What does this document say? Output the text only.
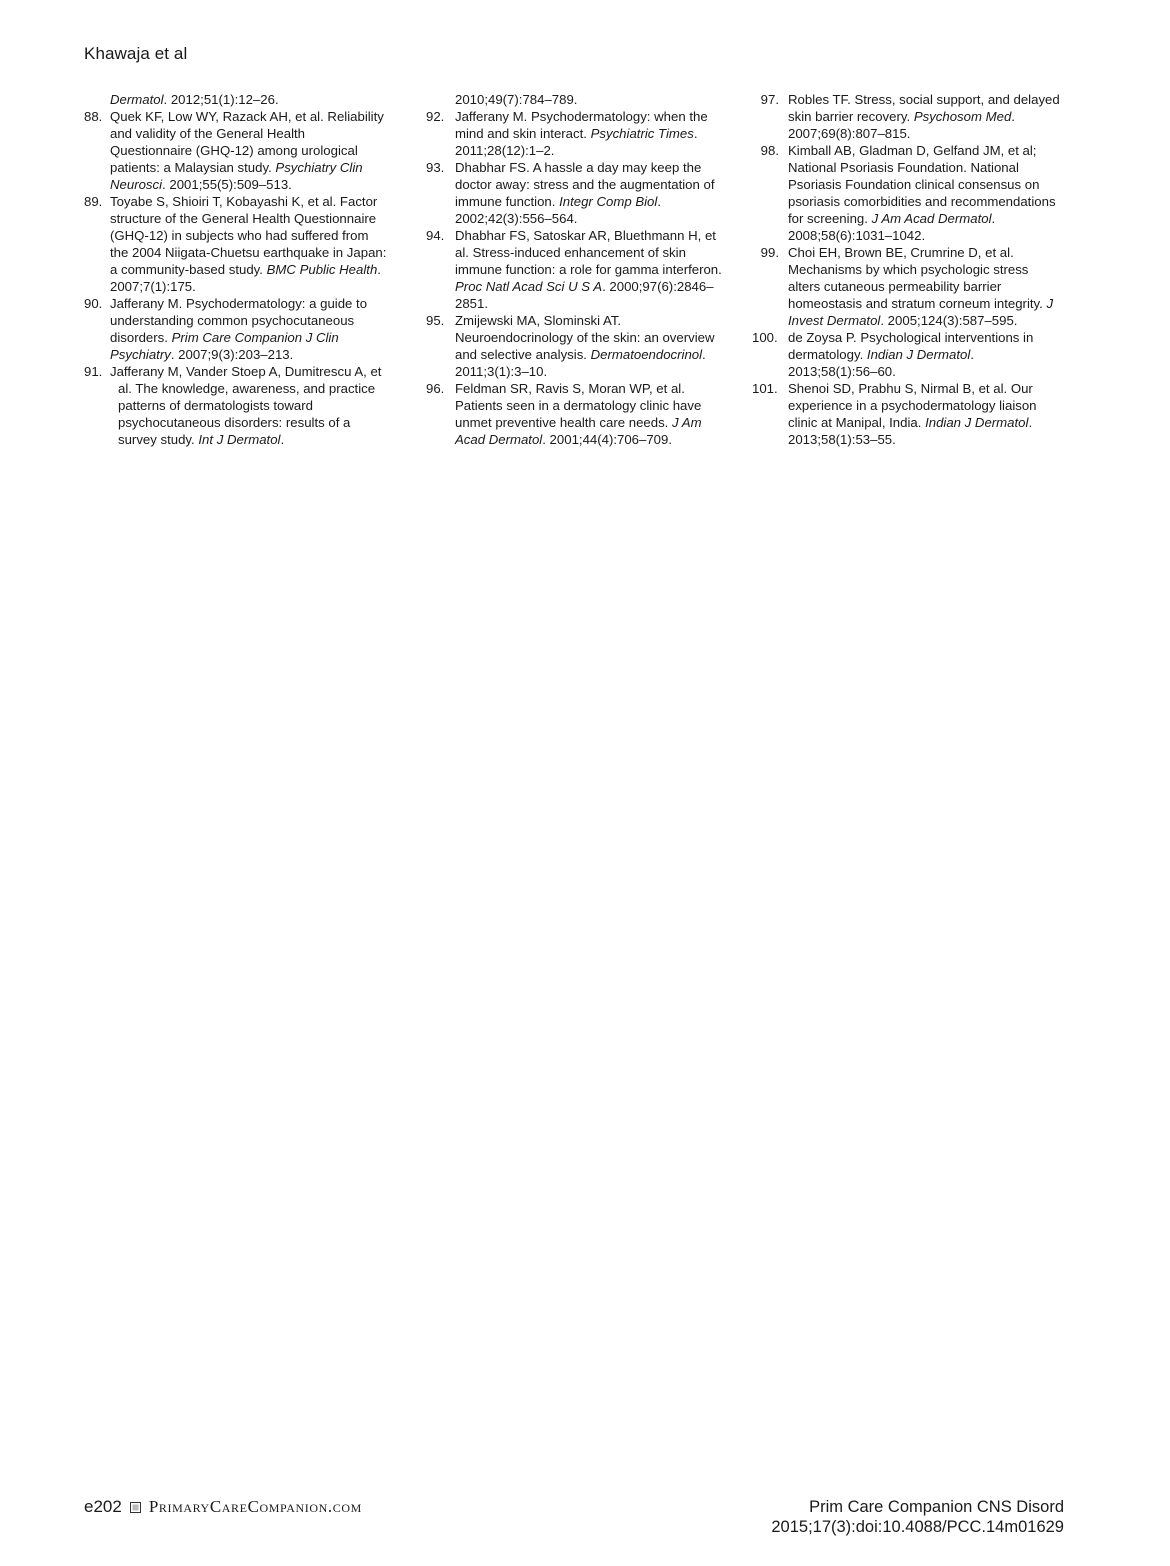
Khawaja et al
Dermatol. 2012;51(1):12–26.
88. Quek KF, Low WY, Razack AH, et al. Reliability and validity of the General Health Questionnaire (GHQ-12) among urological patients: a Malaysian study. Psychiatry Clin Neurosci. 2001;55(5):509–513.
89. Toyabe S, Shioiri T, Kobayashi K, et al. Factor structure of the General Health Questionnaire (GHQ-12) in subjects who had suffered from the 2004 Niigata-Chuetsu earthquake in Japan: a community-based study. BMC Public Health. 2007;7(1):175.
90. Jafferany M. Psychodermatology: a guide to understanding common psychocutaneous disorders. Prim Care Companion J Clin Psychiatry. 2007;9(3):203–213.
91. Jafferany M, Vander Stoep A, Dumitrescu A, et
al. The knowledge, awareness, and practice patterns of dermatologists toward psychocutaneous disorders: results of a survey study. Int J Dermatol.
2010;49(7):784–789.
92. Jafferany M. Psychodermatology: when the mind and skin interact. Psychiatric Times. 2011;28(12):1–2.
93. Dhabhar FS. A hassle a day may keep the doctor away: stress and the augmentation of immune function. Integr Comp Biol. 2002;42(3):556–564.
94. Dhabhar FS, Satoskar AR, Bluethmann H, et al. Stress-induced enhancement of skin immune function: a role for gamma interferon. Proc Natl Acad Sci U S A. 2000;97(6):2846–2851.
95. Zmijewski MA, Slominski AT. Neuroendocrinology of the skin: an overview and selective analysis. Dermatoendocrinol. 2011;3(1):3–10.
96. Feldman SR, Ravis S, Moran WP, et al. Patients seen in a dermatology clinic have unmet preventive health care needs. J Am Acad Dermatol. 2001;44(4):706–709.
97. Robles TF. Stress, social support, and delayed skin barrier recovery. Psychosom Med. 2007;69(8):807–815.
98. Kimball AB, Gladman D, Gelfand JM, et al; National Psoriasis Foundation. National Psoriasis Foundation clinical consensus on psoriasis comorbidities and recommendations for screening. J Am Acad Dermatol. 2008;58(6):1031–1042.
99. Choi EH, Brown BE, Crumrine D, et al. Mechanisms by which psychologic stress alters cutaneous permeability barrier homeostasis and stratum corneum integrity. J Invest Dermatol. 2005;124(3):587–595.
100. de Zoysa P. Psychological interventions in dermatology. Indian J Dermatol. 2013;58(1):56–60.
101. Shenoi SD, Prabhu S, Nirmal B, et al. Our experience in a psychodermatology liaison clinic at Manipal, India. Indian J Dermatol. 2013;58(1):53–55.
e202 PrimaryCareCompanion.com	Prim Care Companion CNS Disord
2015;17(3):doi:10.4088/PCC.14m01629
